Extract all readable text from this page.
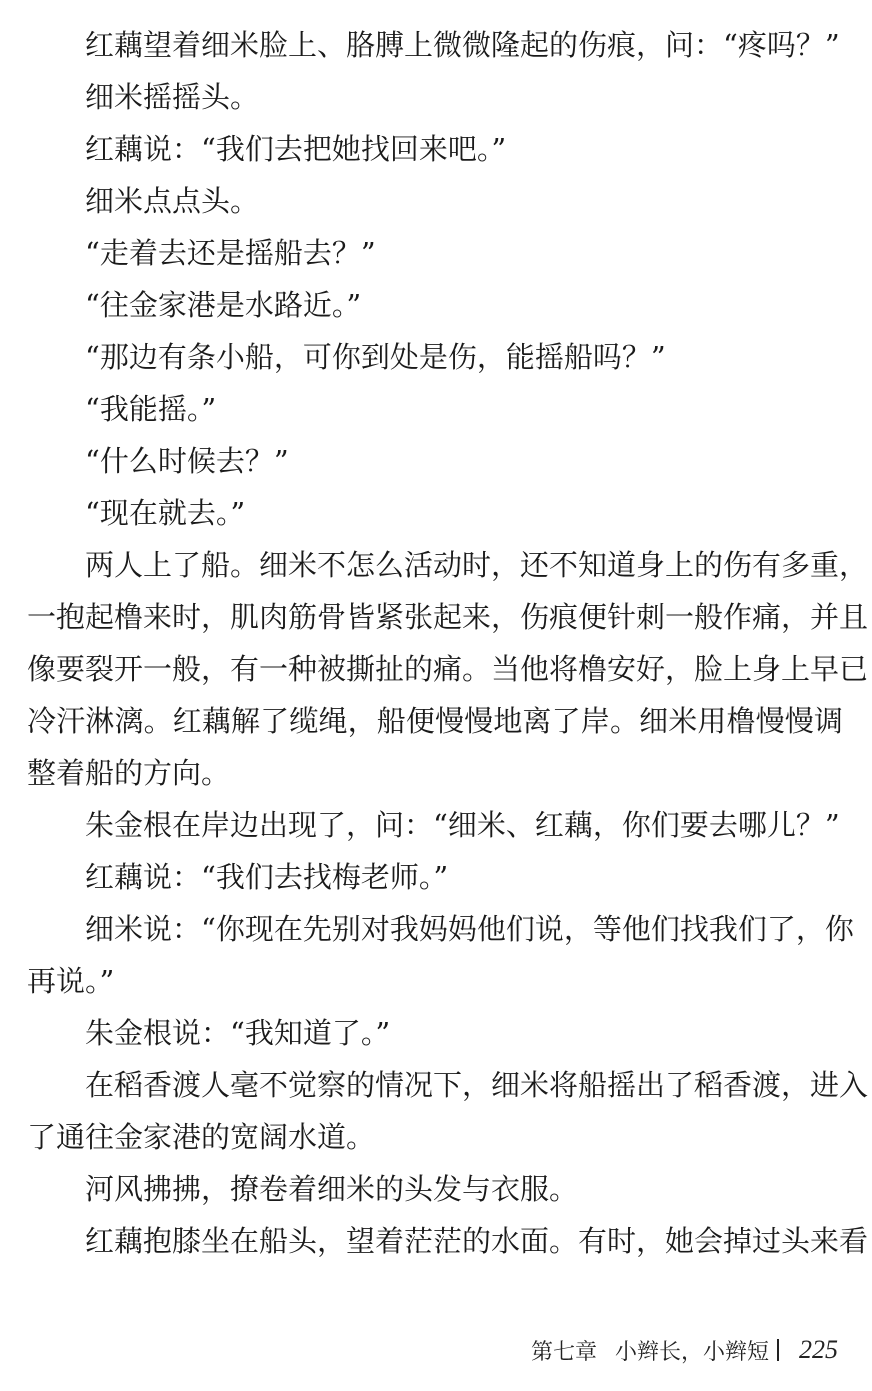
红藕望着细米脸上、胳膊上微微隆起的伤痕，问：“疼吗？”
细米摇摇头。
红藕说：“我们去把她找回来吧。”
细米点点头。
“走着去还是摇船去？”
“往金家港是水路近。”
“那边有条小船，可你到处是伤，能摇船吗？”
“我能摇。”
“什么时候去？”
“现在就去。”
两人上了船。细米不怎么活动时，还不知道身上的伤有多重，
一抱起橹来时，肌肉筋骨皆紧张起来，伤痕便针刺一般作痛，并且
像要裂开一般，有一种被撕扯的痛。当他将橹安好，脸上身上早已
冷汗淋漓。红藕解了缆绳，船便慢慢地离了岸。细米用橹慢慢调
整着船的方向。
朱金根在岸边出现了，问：“细米、红藕，你们要去哪儿？”
红藕说：“我们去找梅老师。”
细米说：“你现在先别对我妈妈他们说，等他们找我们了，你
再说。”
朱金根说：“我知道了。”
在稻香渡人毫不觉察的情况下，细米将船摇出了稻香渡，进入
了通往金家港的宽阔水道。
河风拂拂，撩卷着细米的头发与衣服。
红藕抱膝坐在船头，望着茫茫的水面。有时，她会掉过头来看
第七章 小辫长，小辫短 225
